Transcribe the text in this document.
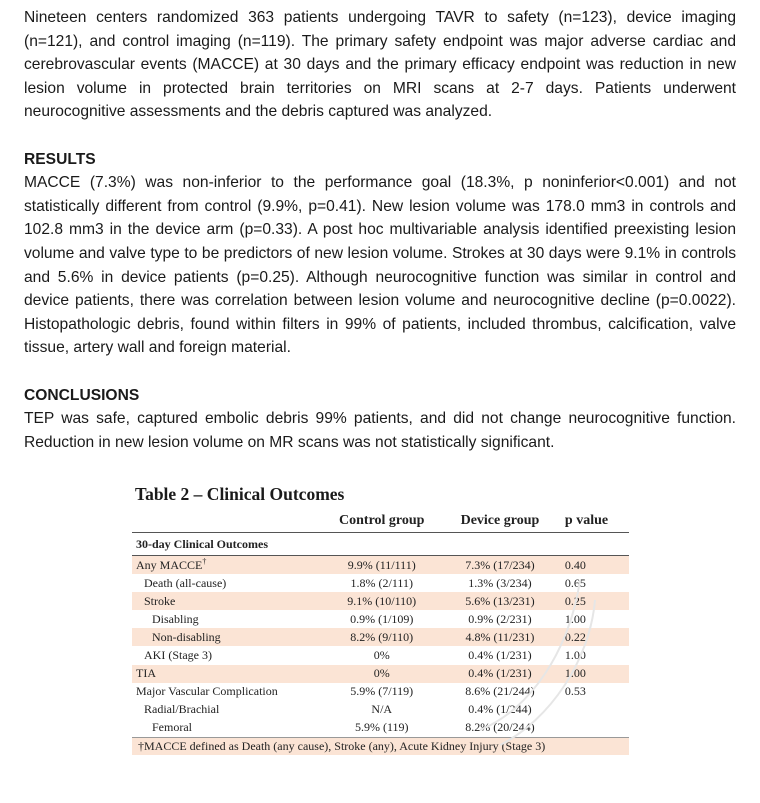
Nineteen centers randomized 363 patients undergoing TAVR to safety (n=123), device imaging (n=121), and control imaging (n=119). The primary safety endpoint was major adverse cardiac and cerebrovascular events (MACCE) at 30 days and the primary efficacy endpoint was reduction in new lesion volume in protected brain territories on MRI scans at 2-7 days. Patients underwent neurocognitive assessments and the debris captured was analyzed.

RESULTS

MACCE (7.3%) was non-inferior to the performance goal (18.3%, p noninferior<0.001) and not statistically different from control (9.9%, p=0.41). New lesion volume was 178.0 mm3 in controls and 102.8 mm3 in the device arm (p=0.33). A post hoc multivariable analysis identified preexisting lesion volume and valve type to be predictors of new lesion volume. Strokes at 30 days were 9.1% in controls and 5.6% in device patients (p=0.25). Although neurocognitive function was similar in control and device patients, there was correlation between lesion volume and neurocognitive decline (p=0.0022). Histopathologic debris, found within filters in 99% of patients, included thrombus, calcification, valve tissue, artery wall and foreign material.

CONCLUSIONS

TEP was safe, captured embolic debris 99% patients, and did not change neurocognitive function. Reduction in new lesion volume on MR scans was not statistically significant.

Table 2 – Clinical Outcomes
	Control group	Device group	p value
30-day Clinical Outcomes			
Any MACCE†	9.9% (11/111)	7.3% (17/234)	0.40
Death (all-cause)	1.8% (2/111)	1.3% (3/234)	0.65
Stroke	9.1% (10/110)	5.6% (13/231)	0.25
Disabling	0.9% (1/109)	0.9% (2/231)	1.00
Non-disabling	8.2% (9/110)	4.8% (11/231)	0.22
AKI (Stage 3)	0%	0.4% (1/231)	1.00
TIA	0%	0.4% (1/231)	1.00
Major Vascular Complication	5.9% (7/119)	8.6% (21/244)	0.53
Radial/Brachial	N/A	0.4% (1/244)	
Femoral	5.9% (119)	8.2% (20/244)	
†MACCE defined as Death (any cause), Stroke (any), Acute Kidney Injury (Stage 3)			
